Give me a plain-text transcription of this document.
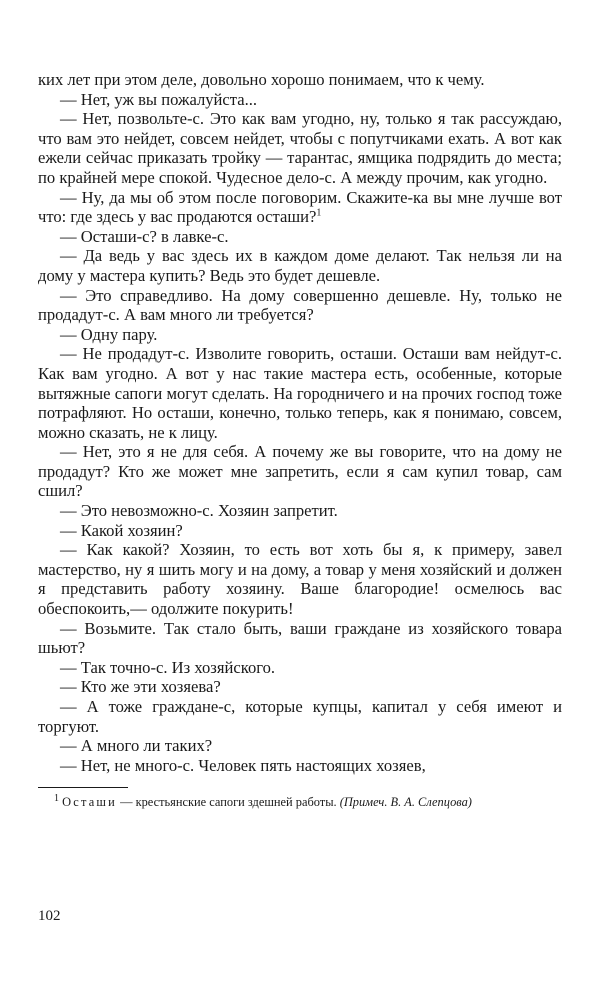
ких лет при этом деле, довольно хорошо понимаем, что к чему.

— Нет, уж вы пожалуйста...

— Нет, позвольте-с. Это как вам угодно, ну, только я так рассуждаю, что вам это нейдет, совсем нейдет, чтобы с попутчиками ехать. А вот как ежели сейчас приказать тройку — тарантас, ямщика подрядить до места; по крайней мере спокой. Чудесное дело-с. А между прочим, как угодно.

— Ну, да мы об этом после поговорим. Скажите-ка вы мне лучше вот что: где здесь у вас продаются осташи?$^1$

— Осташи-с? в лавке-с.

— Да ведь у вас здесь их в каждом доме делают. Так нельзя ли на дому у мастера купить? Ведь это будет дешевле.

— Это справедливо. На дому совершенно дешевле. Ну, только не продадут-с. А вам много ли требуется?

— Одну пару.

— Не продадут-с. Изволите говорить, осташи. Осташи вам нейдут-с. Как вам угодно. А вот у нас такие мастера есть, особенные, которые вытяжные сапоги могут сделать. На городничего и на прочих господ тоже потрафляют. Но осташи, конечно, только теперь, как я понимаю, совсем, можно сказать, не к лицу.

— Нет, это я не для себя. А почему же вы говорите, что на дому не продадут? Кто же может мне запретить, если я сам купил товар, сам сшил?

— Это невозможно-с. Хозяин запретит.

— Какой хозяин?

— Как какой? Хозяин, то есть вот хоть бы я, к примеру, завел мастерство, ну я шить могу и на дому, а товар у меня хозяйский и должен я представить работу хозяину. Ваше благородие! осмелюсь вас обеспокоить,— одолжите покурить!

— Возьмите. Так стало быть, ваши граждане из хозяйского товара шьют?

— Так точно-с. Из хозяйского.

— Кто же эти хозяева?

— А тоже граждане-с, которые купцы, капитал у себя имеют и торгуют.

— А много ли таких?

— Нет, не много-с. Человек пять настоящих хозяев,

$^1$ Осташи — крестьянские сапоги здешней работы. (Примеч. В. А. Слепцова)

102
